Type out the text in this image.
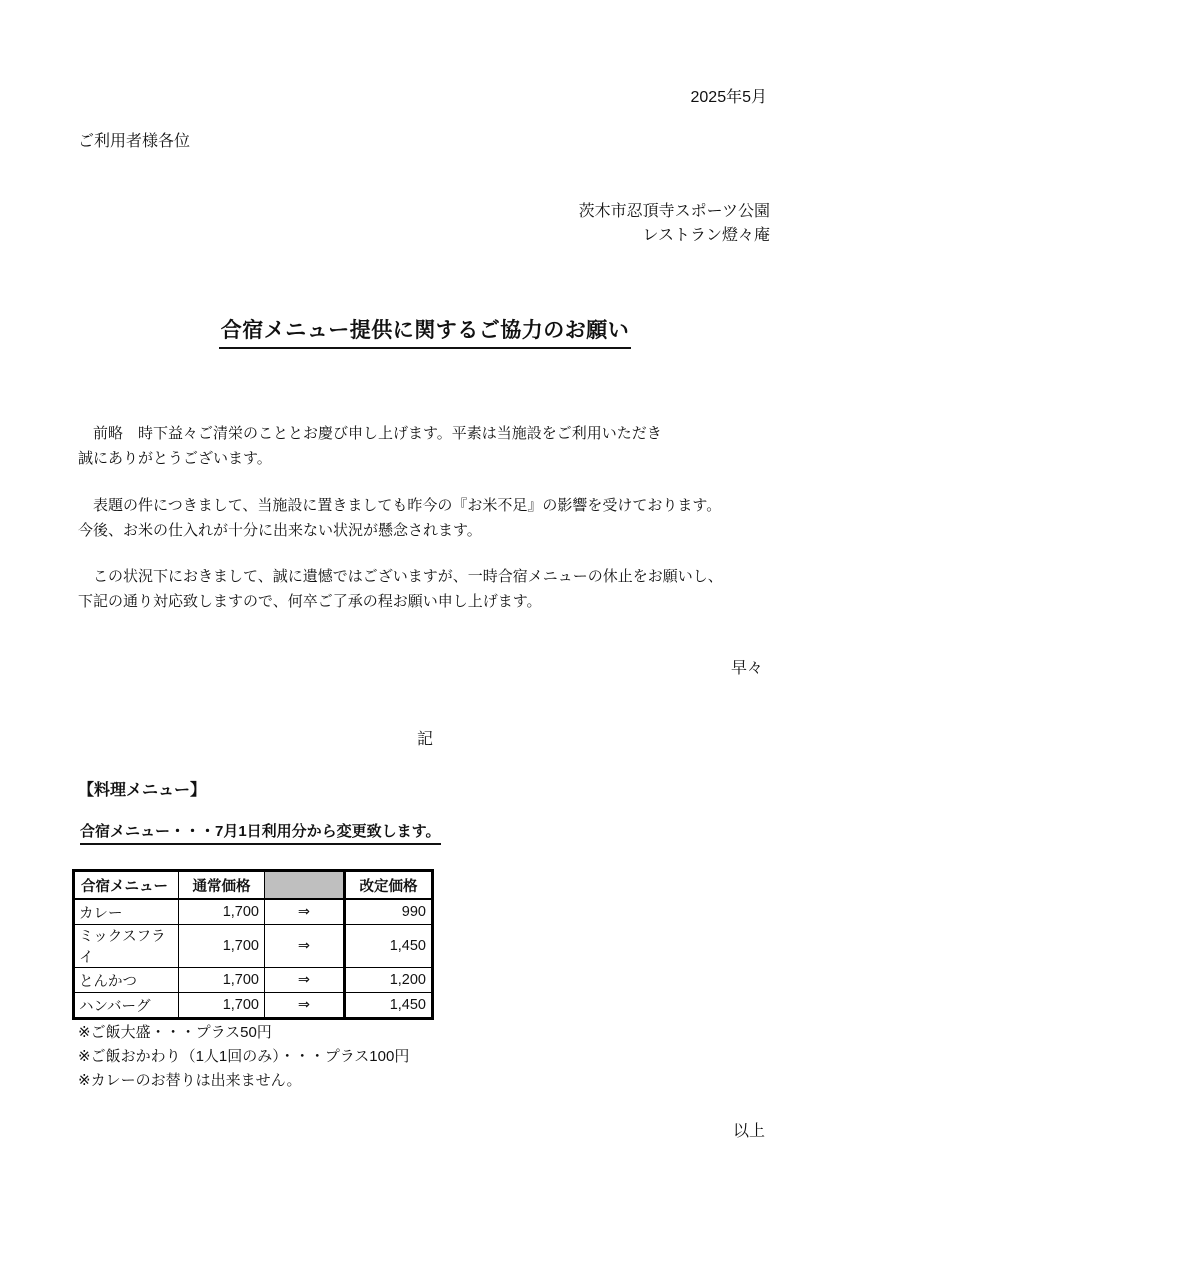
2025年5月
ご利用者様各位
茨木市忍頂寺スポーツ公園
レストラン燈々庵
合宿メニュー提供に関するご協力のお願い
　前略　時下益々ご清栄のこととお慶び申し上げます。平素は当施設をご利用いただき
誠にありがとうございます。
　表題の件につきまして、当施設に置きましても昨今の『お米不足』の影響を受けております。
今後、お米の仕入れが十分に出来ない状況が懸念されます。
　この状況下におきまして、誠に遺憾ではございますが、一時合宿メニューの休止をお願いし、
下記の通り対応致しますので、何卒ご了承の程お願い申し上げます。
早々
記
【料理メニュー】
合宿メニュー・・・7月1日利用分から変更致します。
合宿メニュー	通常価格		改定価格
カレー	1,700	⇒	990
ミックスフライ	1,700	⇒	1,450
とんかつ	1,700	⇒	1,200
ハンバーグ	1,700	⇒	1,450
※ご飯大盛・・・プラス50円
※ご飯おかわり（1人1回のみ）・・・プラス100円
※カレーのお替りは出来ません。
以上
